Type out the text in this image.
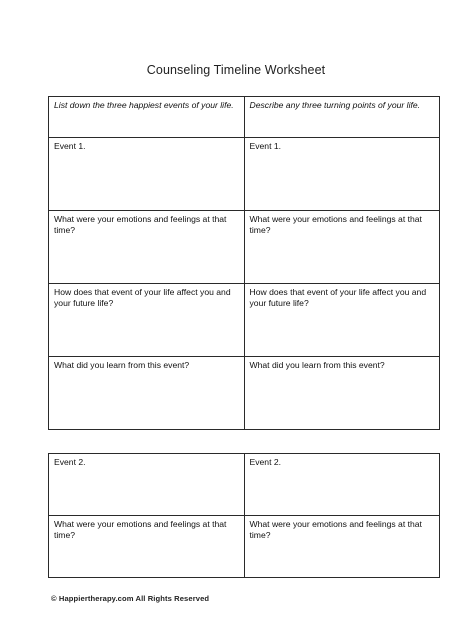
Counseling Timeline Worksheet
List down the three happiest events of your life.	Describe any three turning points of your life.
Event 1.	Event 1.
What were your emotions and feelings at that time?	What were your emotions and feelings at that time?
How does that event of your life affect you and your future life?	How does that event of your life affect you and your future life?
What did you learn from this event?	What did you learn from this event?
Event 2.	Event 2.
What were your emotions and feelings at that time?	What were your emotions and feelings at that time?
© Happiertherapy.com All Rights Reserved
